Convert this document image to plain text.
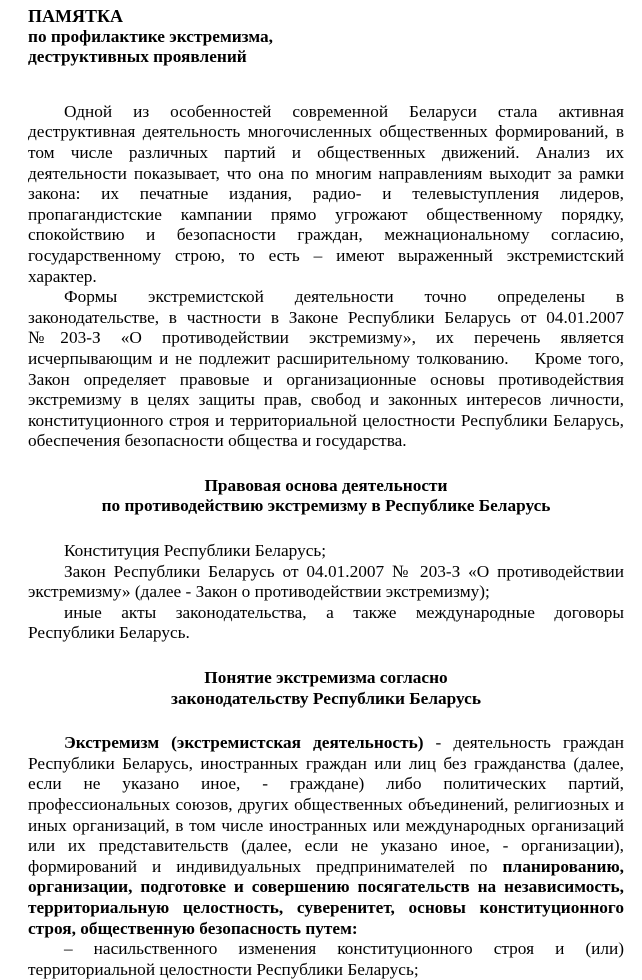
ПАМЯТКА
по профилактике экстремизма,
деструктивных проявлений

Одной из особенностей современной Беларуси стала активная деструктивная деятельность многочисленных общественных формирований, в том числе различных партий и общественных движений. Анализ их деятельности показывает, что она по многим направлениям выходит за рамки закона: их печатные издания, радио- и телевыступления лидеров, пропагандистские кампании прямо угрожают общественному порядку, спокойствию и безопасности граждан, межнациональному согласию, государственному строю, то есть – имеют выраженный экстремистский характер.

Формы экстремистской деятельности точно определены в законодательстве, в частности в Законе Республики Беларусь от 04.01.2007 №203-З «О противодействии экстремизму», их перечень является исчерпывающим и не подлежит расширительному толкованию. Кроме того, Закон определяет правовые и организационные основы противодействия экстремизму в целях защиты прав, свобод и законных интересов личности, конституционного строя и территориальной целостности Республики Беларусь, обеспечения безопасности общества и государства.

Правовая основа деятельности
по противодействию экстремизму в Республике Беларусь

Конституция Республики Беларусь;

Закон Республики Беларусь от 04.01.2007 № 203-З «О противодействии экстремизму» (далее - Закон о противодействии экстремизму);

иные акты законодательства, а также международные договоры Республики Беларусь.

Понятие экстремизма согласно
законодательству Республики Беларусь

Экстремизм (экстремистская деятельность) - деятельность граждан Республики Беларусь, иностранных граждан или лиц без гражданства (далее, если не указано иное, - граждане) либо политических партий, профессиональных союзов, других общественных объединений, религиозных и иных организаций, в том числе иностранных или международных организаций или их представительств (далее, если не указано иное, - организации), формирований и индивидуальных предпринимателей по планированию, организации, подготовке и совершению посягательств на независимость, территориальную целостность, суверенитет, основы конституционного строя, общественную безопасность путем:

– насильственного изменения конституционного строя и (или) территориальной целостности Республики Беларусь;
